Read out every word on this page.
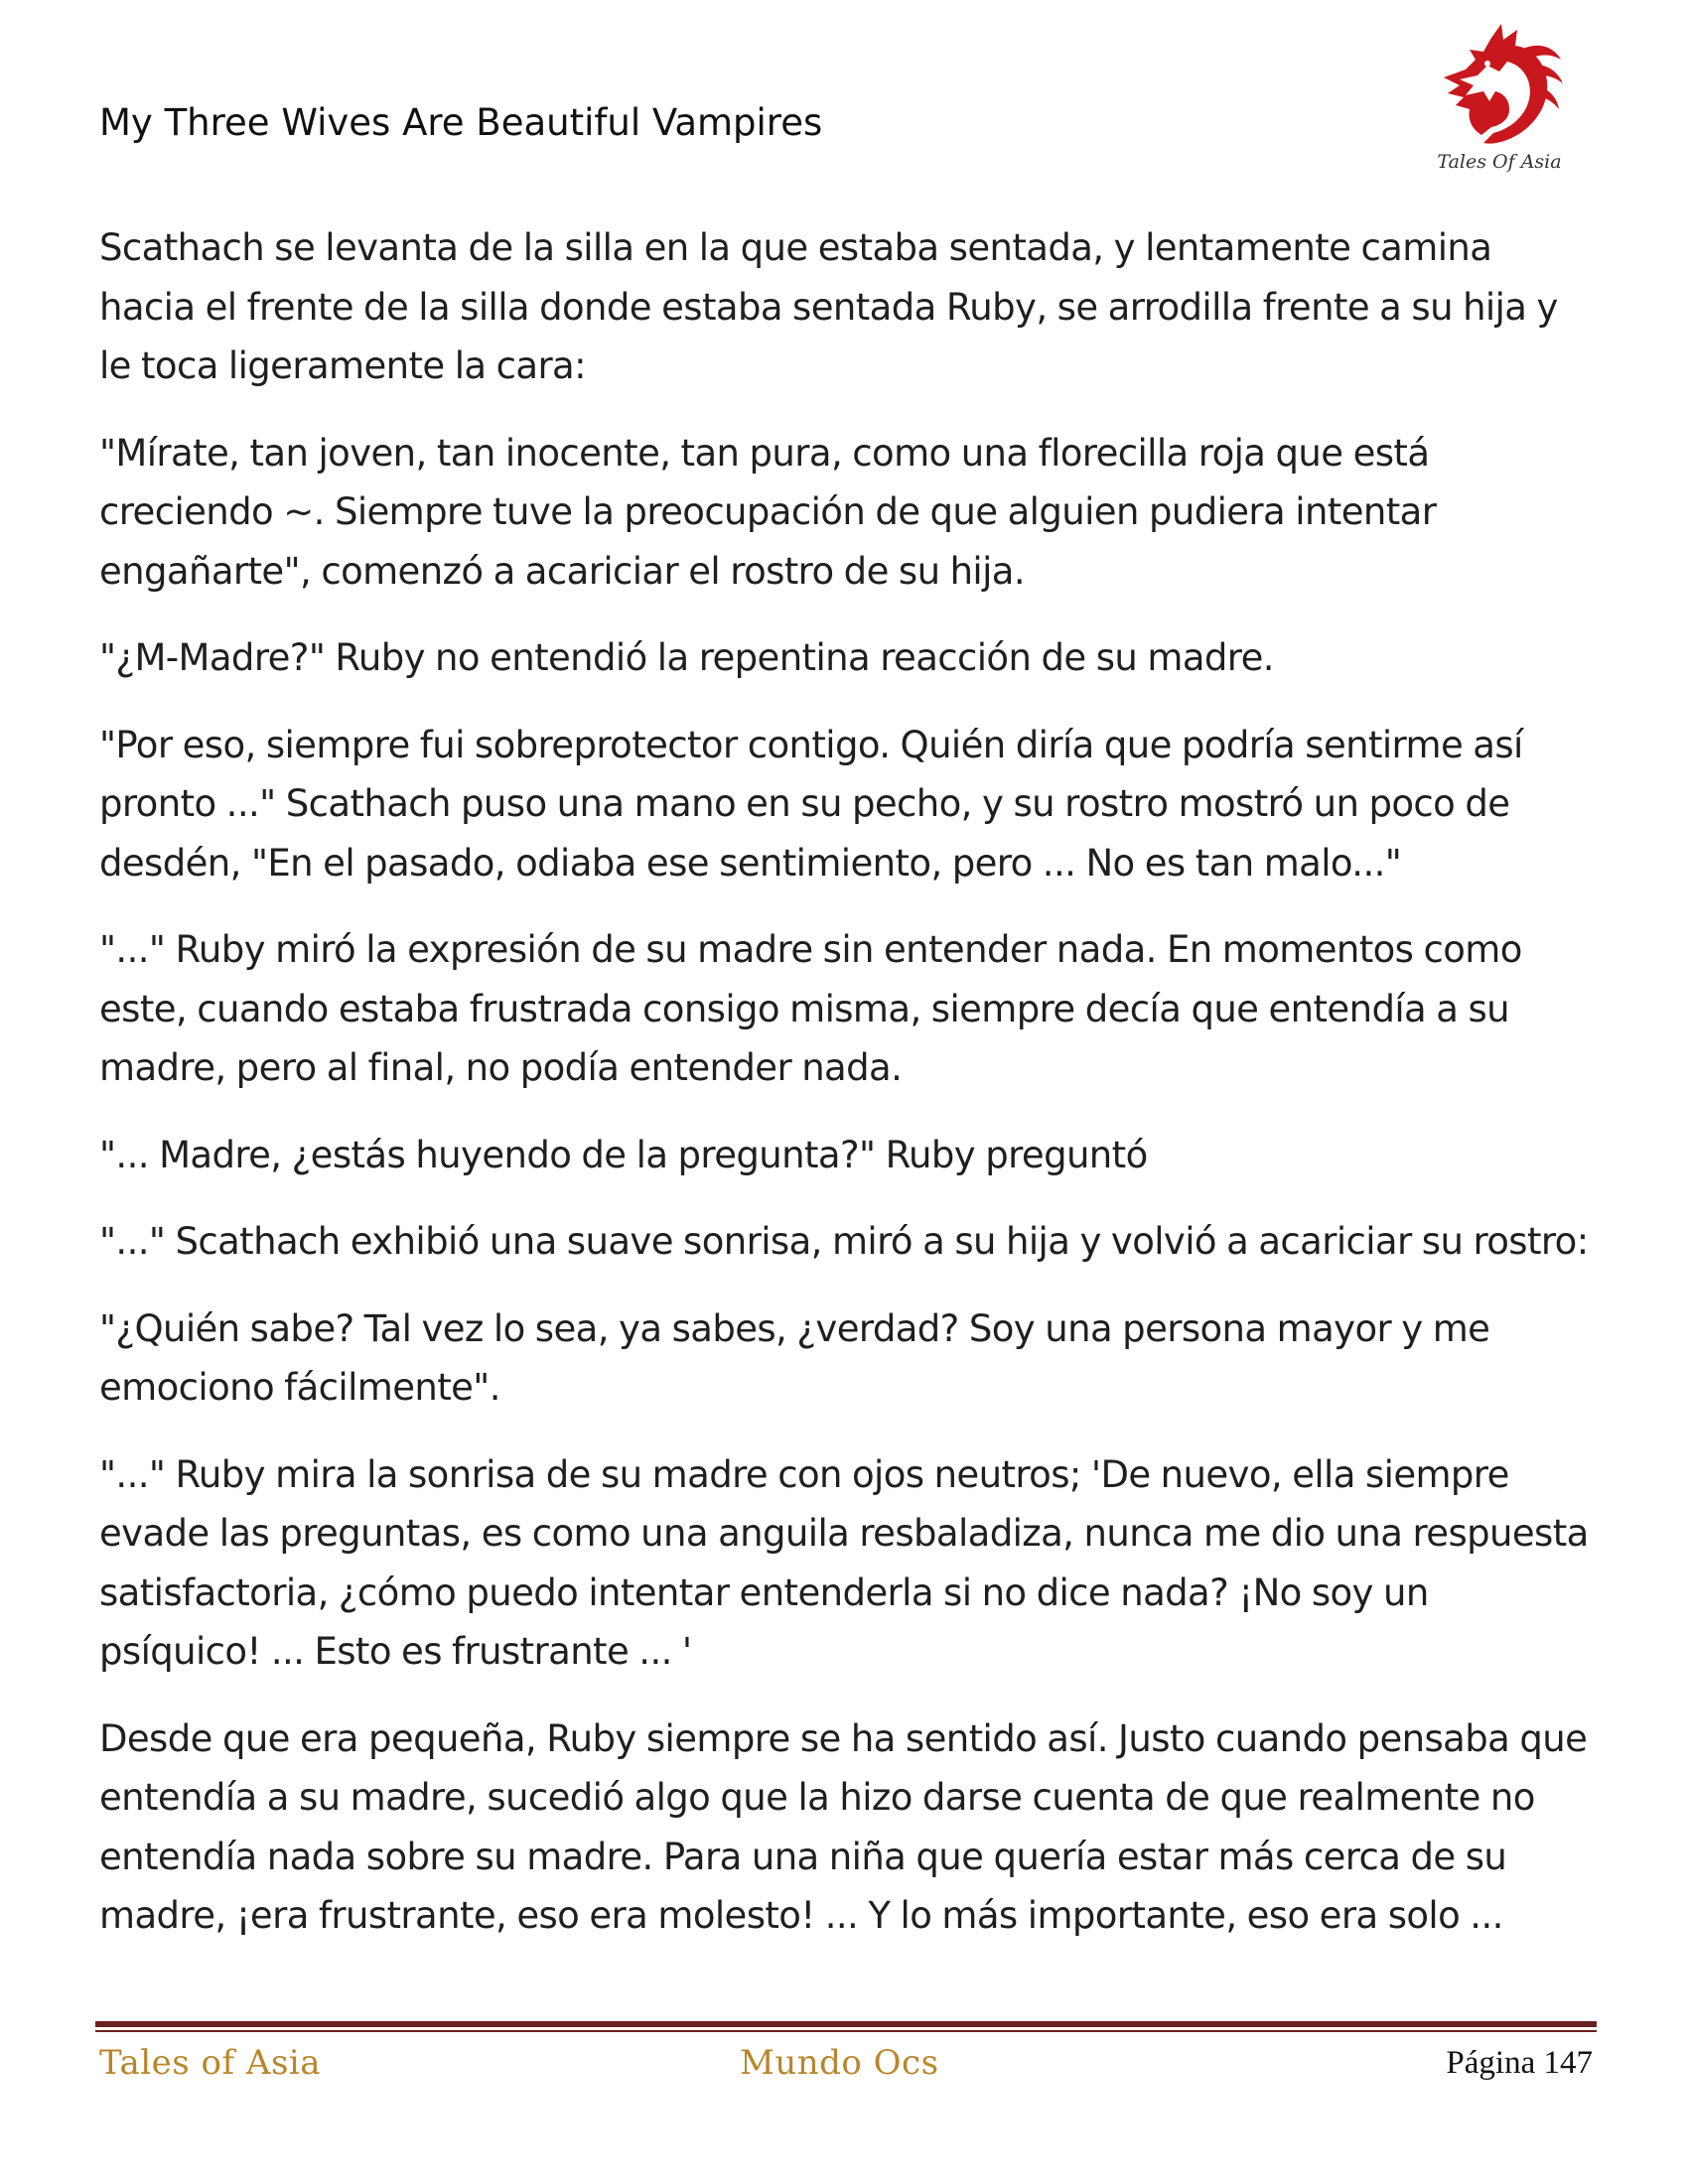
My Three Wives Are Beautiful Vampires
Tales Of Asia

Scathach se levanta de la silla en la que estaba sentada, y lentamente camina hacia el frente de la silla donde estaba sentada Ruby, se arrodilla frente a su hija y le toca ligeramente la cara:

"Mírate, tan joven, tan inocente, tan pura, como una florecilla roja que está creciendo ~. Siempre tuve la preocupación de que alguien pudiera intentar engañarte", comenzó a acariciar el rostro de su hija.

"¿M-Madre?" Ruby no entendió la repentina reacción de su madre.

"Por eso, siempre fui sobreprotector contigo. Quién diría que podría sentirme así pronto ..." Scathach puso una mano en su pecho, y su rostro mostró un poco de desdén, "En el pasado, odiaba ese sentimiento, pero ... No es tan malo..."

"..." Ruby miró la expresión de su madre sin entender nada. En momentos como este, cuando estaba frustrada consigo misma, siempre decía que entendía a su madre, pero al final, no podía entender nada.

"... Madre, ¿estás huyendo de la pregunta?" Ruby preguntó

"..." Scathach exhibió una suave sonrisa, miró a su hija y volvió a acariciar su rostro:

"¿Quién sabe? Tal vez lo sea, ya sabes, ¿verdad? Soy una persona mayor y me emociono fácilmente".

"..." Ruby mira la sonrisa de su madre con ojos neutros; 'De nuevo, ella siempre evade las preguntas, es como una anguila resbaladiza, nunca me dio una respuesta satisfactoria, ¿cómo puedo intentar entenderla si no dice nada? ¡No soy un psíquico! ... Esto es frustrante ... '

Desde que era pequeña, Ruby siempre se ha sentido así. Justo cuando pensaba que entendía a su madre, sucedió algo que la hizo darse cuenta de que realmente no entendía nada sobre su madre. Para una niña que quería estar más cerca de su madre, ¡era frustrante, eso era molesto! ... Y lo más importante, eso era solo ...

Tales of Asia	Mundo Ocs	Página 147
